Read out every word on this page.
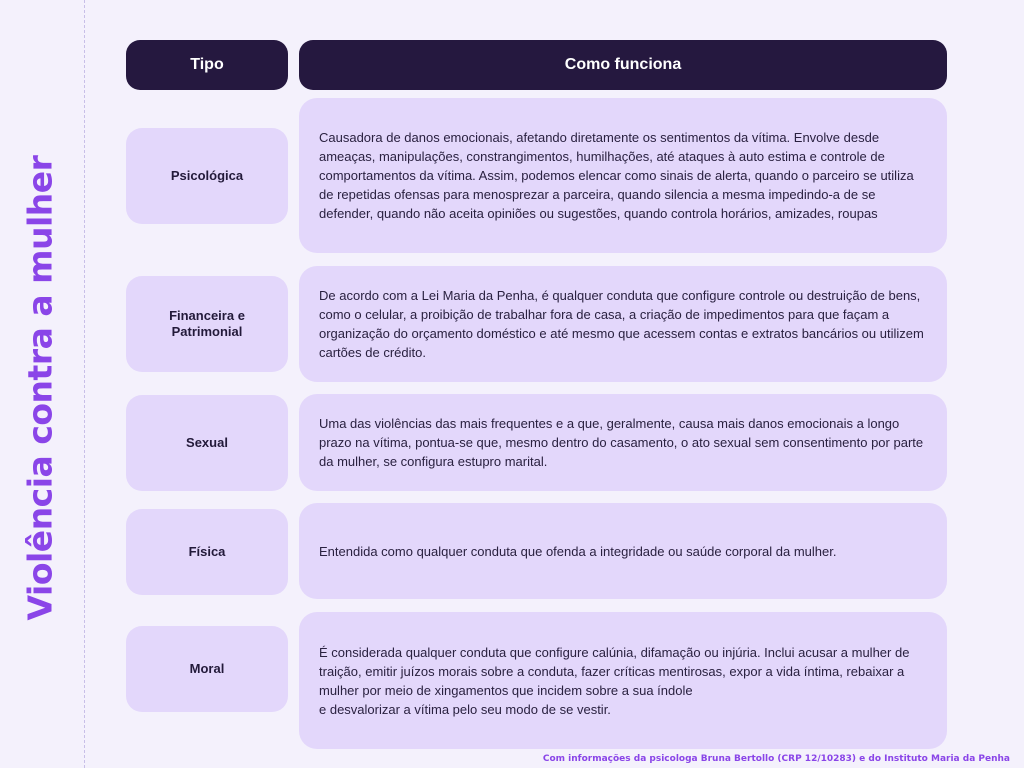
Violência contra a mulher
Tipo	Como funciona
Psicológica
Causadora de danos emocionais, afetando diretamente os sentimentos da vítima. Envolve desde ameaças, manipulações, constrangimentos, humilhações, até ataques à auto estima e controle de comportamentos da vítima. Assim, podemos elencar como sinais de alerta, quando o parceiro se utiliza de repetidas ofensas para menosprezar a parceira, quando silencia a mesma impedindo-a de se defender, quando não aceita opiniões ou sugestões, quando controla horários, amizades, roupas
Financeira e
Patrimonial
De acordo com a Lei Maria da Penha, é qualquer conduta que configure controle ou destruição de bens, como o celular, a proibição de trabalhar fora de casa, a criação de impedimentos para que façam a organização do orçamento doméstico e até mesmo que acessem contas e extratos bancários ou utilizem cartões de crédito.
Sexual
Uma das violências das mais frequentes e a que, geralmente, causa mais danos emocionais a longo prazo na vítima, pontua-se que, mesmo dentro do casamento, o ato sexual sem consentimento por parte da mulher, se configura estupro marital.
Física	Entendida como qualquer conduta que ofenda a integridade ou saúde corporal da mulher.
Moral
É considerada qualquer conduta que configure calúnia, difamação ou injúria. Inclui acusar a mulher de traição, emitir juízos morais sobre a conduta, fazer críticas mentirosas, expor a vida íntima, rebaixar a mulher por meio de xingamentos que incidem sobre a sua índole
e desvalorizar a vítima pelo seu modo de se vestir.
Com informações da psicologa Bruna Bertollo (CRP 12/10283) e do Instituto Maria da Penha
